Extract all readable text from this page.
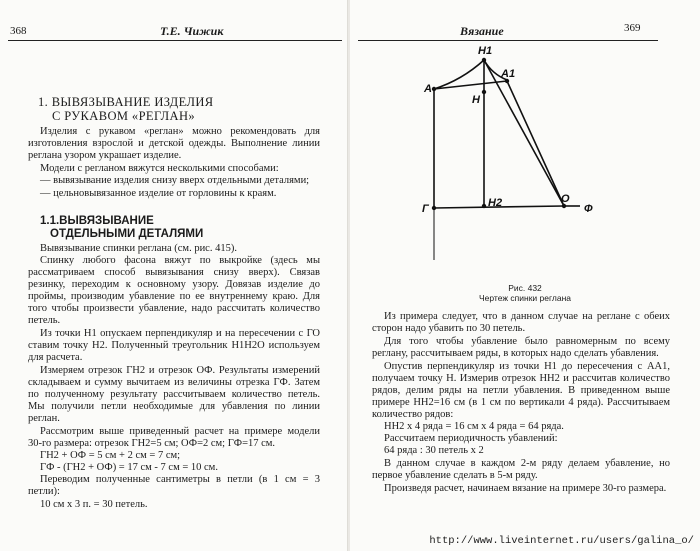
368	Т.Е. Чижик
1. ВЫВЯЗЫВАНИЕ ИЗДЕЛИЯ
С РУКАВОМ «РЕГЛАН»

Изделия с рукавом «реглан» можно рекомендовать для изготовления взрослой и детской одежды. Выполнение линии реглана узором украшает изделие.

Модели с регланом вяжутся несколькими способами:

— вывязывание изделия снизу вверх отдельными деталями;

— цельновывязанное изделие от горловины к краям.

1.1.ВЫВЯЗЫВАНИЕ
ОТДЕЛЬНЫМИ ДЕТАЛЯМИ

Вывязывание спинки реглана (см. рис. 415).

Спинку любого фасона вяжут по выкройке (здесь мы рассматриваем способ вывязывания снизу вверх). Связав резинку, переходим к основному узору. Довязав изделие до проймы, производим убавление по ее внутреннему краю. Для того чтобы произвести убавление, надо рассчитать количество петель.

Из точки Н1 опускаем перпендикуляр и на пересечении с ГО ставим точку Н2. Полученный треугольник Н1Н2О используем для расчета.

Измеряем отрезок ГН2 и отрезок ОФ. Результаты измерений складываем и сумму вычитаем из величины отрезка ГФ. Затем по полученному результату рассчитываем количество петель. Мы получили петли необходимые для убавления по линии реглан.

Рассмотрим выше приведенный расчет на примере модели 30-го размера: отрезок ГН2=5 см; ОФ=2 см; ГФ=17 см.

ГН2 + ОФ = 5 см + 2 см = 7 см;

ГФ - (ГН2 + ОФ) = 17 см - 7 см = 10 см.

Переводим полученные сантиметры в петли (в 1 см = 3 петли):

10 см х 3 п. = 30 петель.

Вязание	369
Н1
А
А1
Н
Г	Н2	О
Ф
Рис. 432
Чертеж спинки реглана

Из примера следует, что в данном случае на реглане с обеих сторон надо убавить по 30 петель.

Для того чтобы убавление было равномерным по всему реглану, рассчитываем ряды, в которых надо сделать убавления.

Опустив перпендикуляр из точки Н1 до пересечения с АА1, получаем точку Н. Измерив отрезок НН2 и рассчитав количество рядов, делим ряды на петли убавления. В приведенном выше примере НН2=16 см (в 1 см по вертикали 4 ряда). Рассчитываем количество рядов:

НН2 х 4 ряда = 16 см х 4 ряда = 64 ряда.

Рассчитаем периодичность убавлений:

64 ряда : 30 петель х 2

В данном случае в каждом 2-м ряду делаем убавление, но первое убавление сделать в 5-м ряду.

Произведя расчет, начинаем вязание на примере 30-го размера.

http://www.liveinternet.ru/users/galina_o/
